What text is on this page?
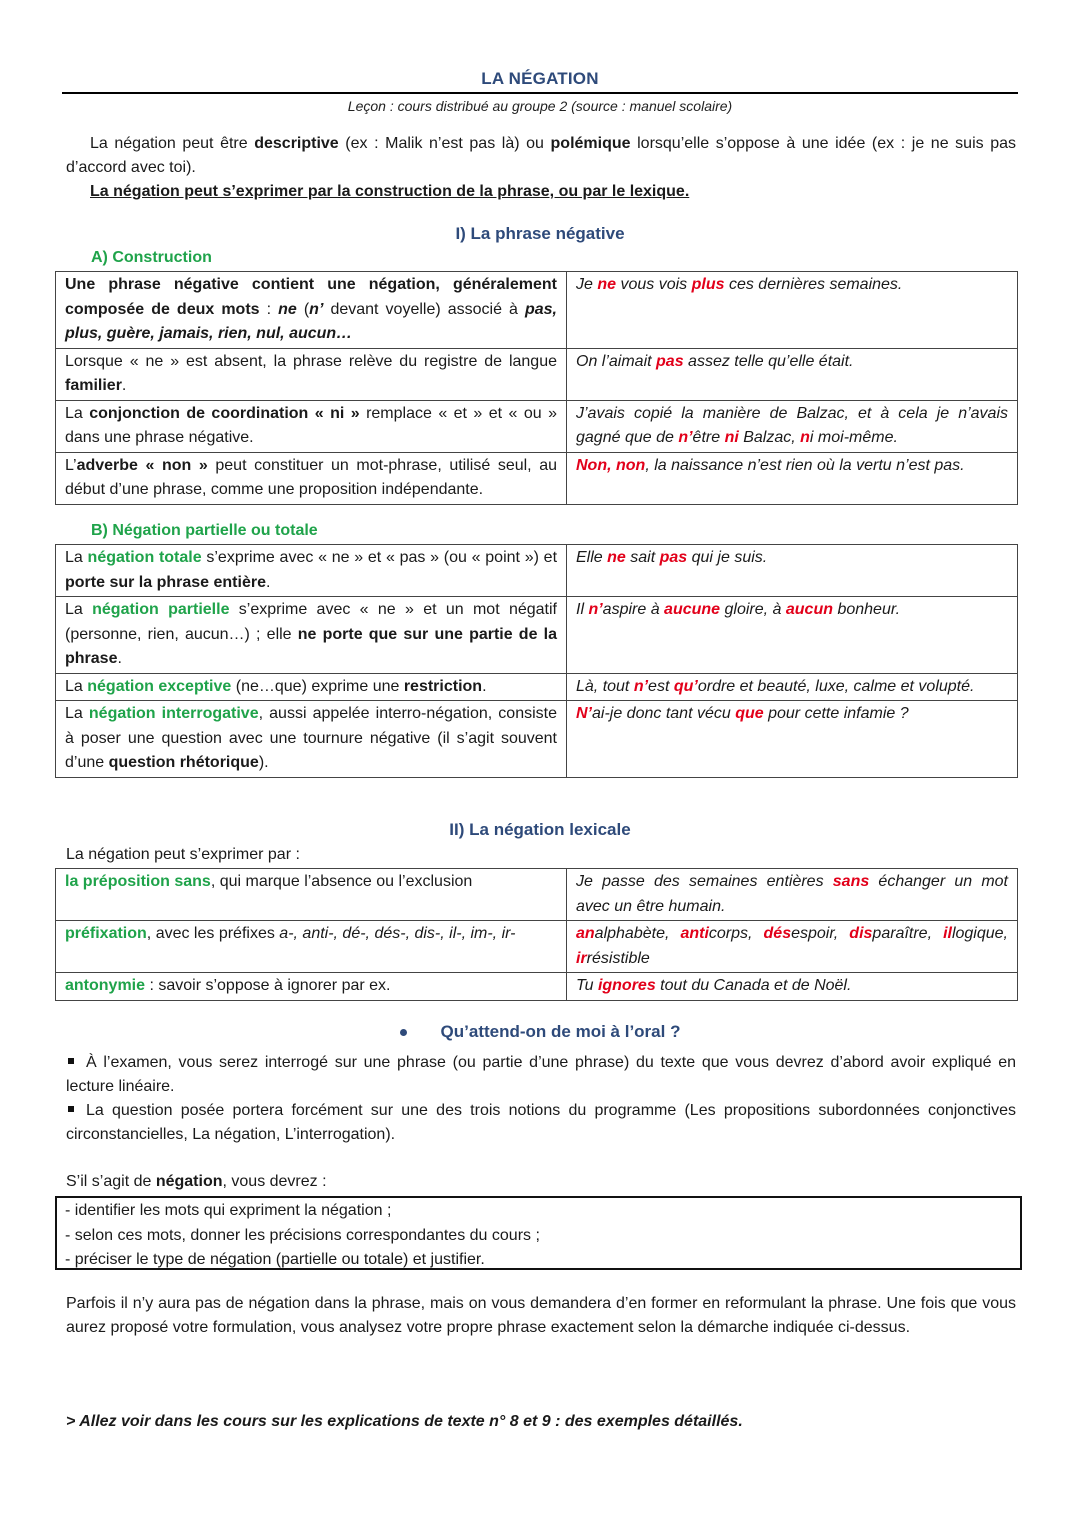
LA NÉGATION
Leçon : cours distribué au groupe 2 (source : manuel scolaire)

La négation peut être descriptive (ex : Malik n’est pas là) ou polémique lorsqu’elle s’oppose à une idée (ex : je ne suis pas d’accord avec toi).

La négation peut s’exprimer par la construction de la phrase, ou par le lexique.
I) La phrase négative
A) Construction
Une phrase négative contient une négation, généralement composée de deux mots : ne (n’ devant voyelle) associé à pas, plus, guère, jamais, rien, nul, aucun…	Je ne vous vois plus ces dernières semaines.
Lorsque « ne » est absent, la phrase relève du registre de langue familier.	On l’aimait pas assez telle qu’elle était.
La conjonction de coordination « ni » remplace « et » et « ou » dans une phrase négative.	J’avais copié la manière de Balzac, et à cela je n’avais gagné que de n’être ni Balzac, ni moi-même.
L’adverbe « non » peut constituer un mot-phrase, utilisé seul, au début d’une phrase, comme une proposition indépendante.	Non, non, la naissance n’est rien où la vertu n’est pas.
B) Négation partielle ou totale
La négation totale s’exprime avec « ne » et « pas » (ou « point ») et porte sur la phrase entière.	Elle ne sait pas qui je suis.
La négation partielle s’exprime avec « ne » et un mot négatif (personne, rien, aucun…) ; elle ne porte que sur une partie de la phrase.	Il n’aspire à aucune gloire, à aucun bonheur.
La négation exceptive (ne…que) exprime une restriction.	Là, tout n’est qu’ordre et beauté, luxe, calme et volupté.
La négation interrogative, aussi appelée interro-négation, consiste à poser une question avec une tournure négative (il s’agit souvent d’une question rhétorique).	N’ai-je donc tant vécu que pour cette infamie ?
II) La négation lexicale
La négation peut s’exprimer par :
la préposition sans, qui marque l’absence ou l’exclusion	Je passe des semaines entières sans échanger un mot avec un être humain.
préfixation, avec les préfixes a-, anti-, dé-, dés-, dis-, il-, im-, ir-	analphabète, anticorps, désespoir, disparaître, illogique, irrésistible
antonymie : savoir s’oppose à ignorer par ex.	Tu ignores tout du Canada et de Noël.
Qu’attend-on de moi à l’oral ?

À l’examen, vous serez interrogé sur une phrase (ou partie d’une phrase) du texte que vous devrez d’abord avoir expliqué en lecture linéaire.

La question posée portera forcément sur une des trois notions du programme (Les propositions subordonnées conjonctives circonstancielles, La négation, L’interrogation).

S’il s’agit de négation, vous devrez :
- identifier les mots qui expriment la négation ;
- selon ces mots, donner les précisions correspondantes du cours ;
- préciser le type de négation (partielle ou totale) et justifier.
Parfois il n’y aura pas de négation dans la phrase, mais on vous demandera d’en former en reformulant la phrase. Une fois que vous aurez proposé votre formulation, vous analysez votre propre phrase exactement selon la démarche indiquée ci-dessus.
> Allez voir dans les cours sur les explications de texte n° 8 et 9 : des exemples détaillés.
